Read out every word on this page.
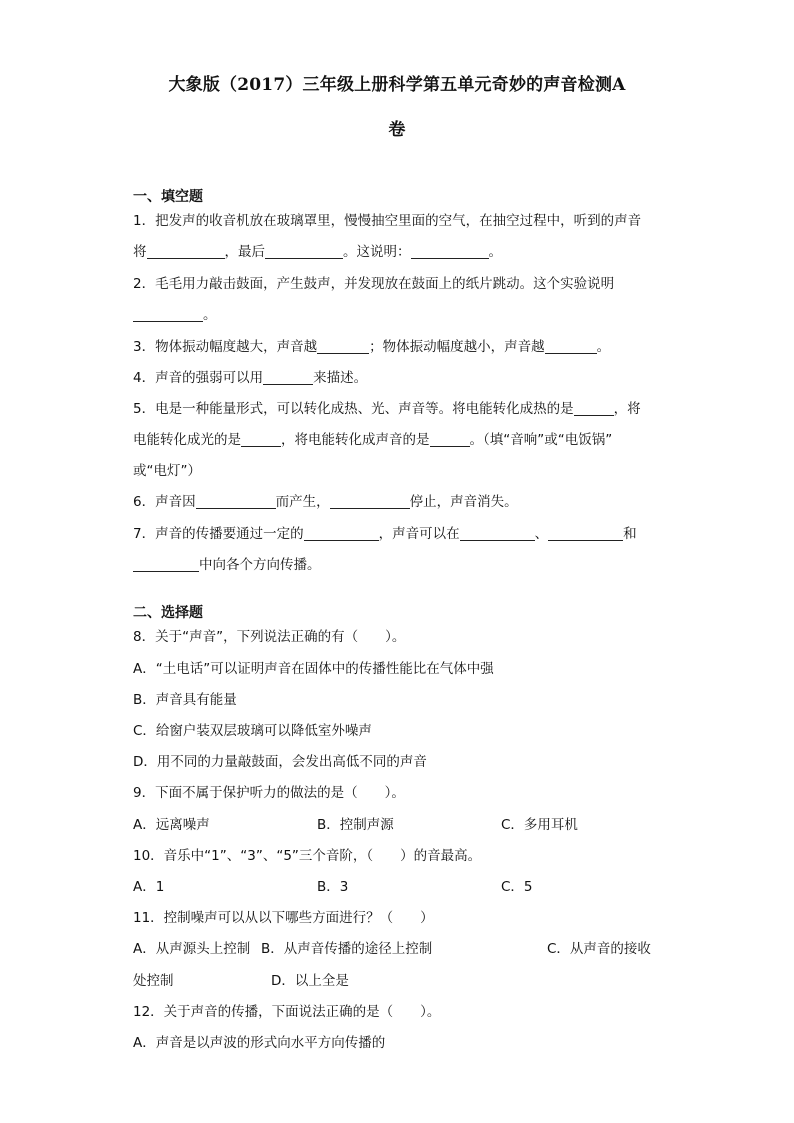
大象版（2017）三年级上册科学第五单元奇妙的声音检测A
卷
一、填空题
1．把发声的收音机放在玻璃罩里，慢慢抽空里面的空气，在抽空过程中，听到的声音
将	，最后	。这说明：	。
2．毛毛用力敲击鼓面，产生鼓声，并发现放在鼓面上的纸片跳动。这个实验说明
。
3．物体振动幅度越大，声音越	；物体振动幅度越小，声音越	。
4．声音的强弱可以用	来描述。
5．电是一种能量形式，可以转化成热、光、声音等。将电能转化成热的是	，将
电能转化成光的是	，将电能转化成声音的是	。（填“音响”或“电饭锅”
或“电灯”）
6．声音因	而产生，	停止，声音消失。
7．声音的传播要通过一定的	，声音可以在	、	和
中向各个方向传播。
二、选择题
8．关于“声音”，下列说法正确的有（　　）。
A．“土电话”可以证明声音在固体中的传播性能比在气体中强
B．声音具有能量
C．给窗户装双层玻璃可以降低室外噪声
D．用不同的力量敲鼓面，会发出高低不同的声音
9．下面不属于保护听力的做法的是（　　）。
A．远离噪声	B．控制声源	C．多用耳机
10．音乐中“1”、“3”、“5”三个音阶，（　　）的音最高。
A．1	B．3	C．5
11．控制噪声可以从以下哪些方面进行？（　　）
A．从声源头上控制 B．从声音传播的途径上控制	C．从声音的接收
处控制	D．以上全是
12．关于声音的传播，下面说法正确的是（　　）。
A．声音是以声波的形式向水平方向传播的
